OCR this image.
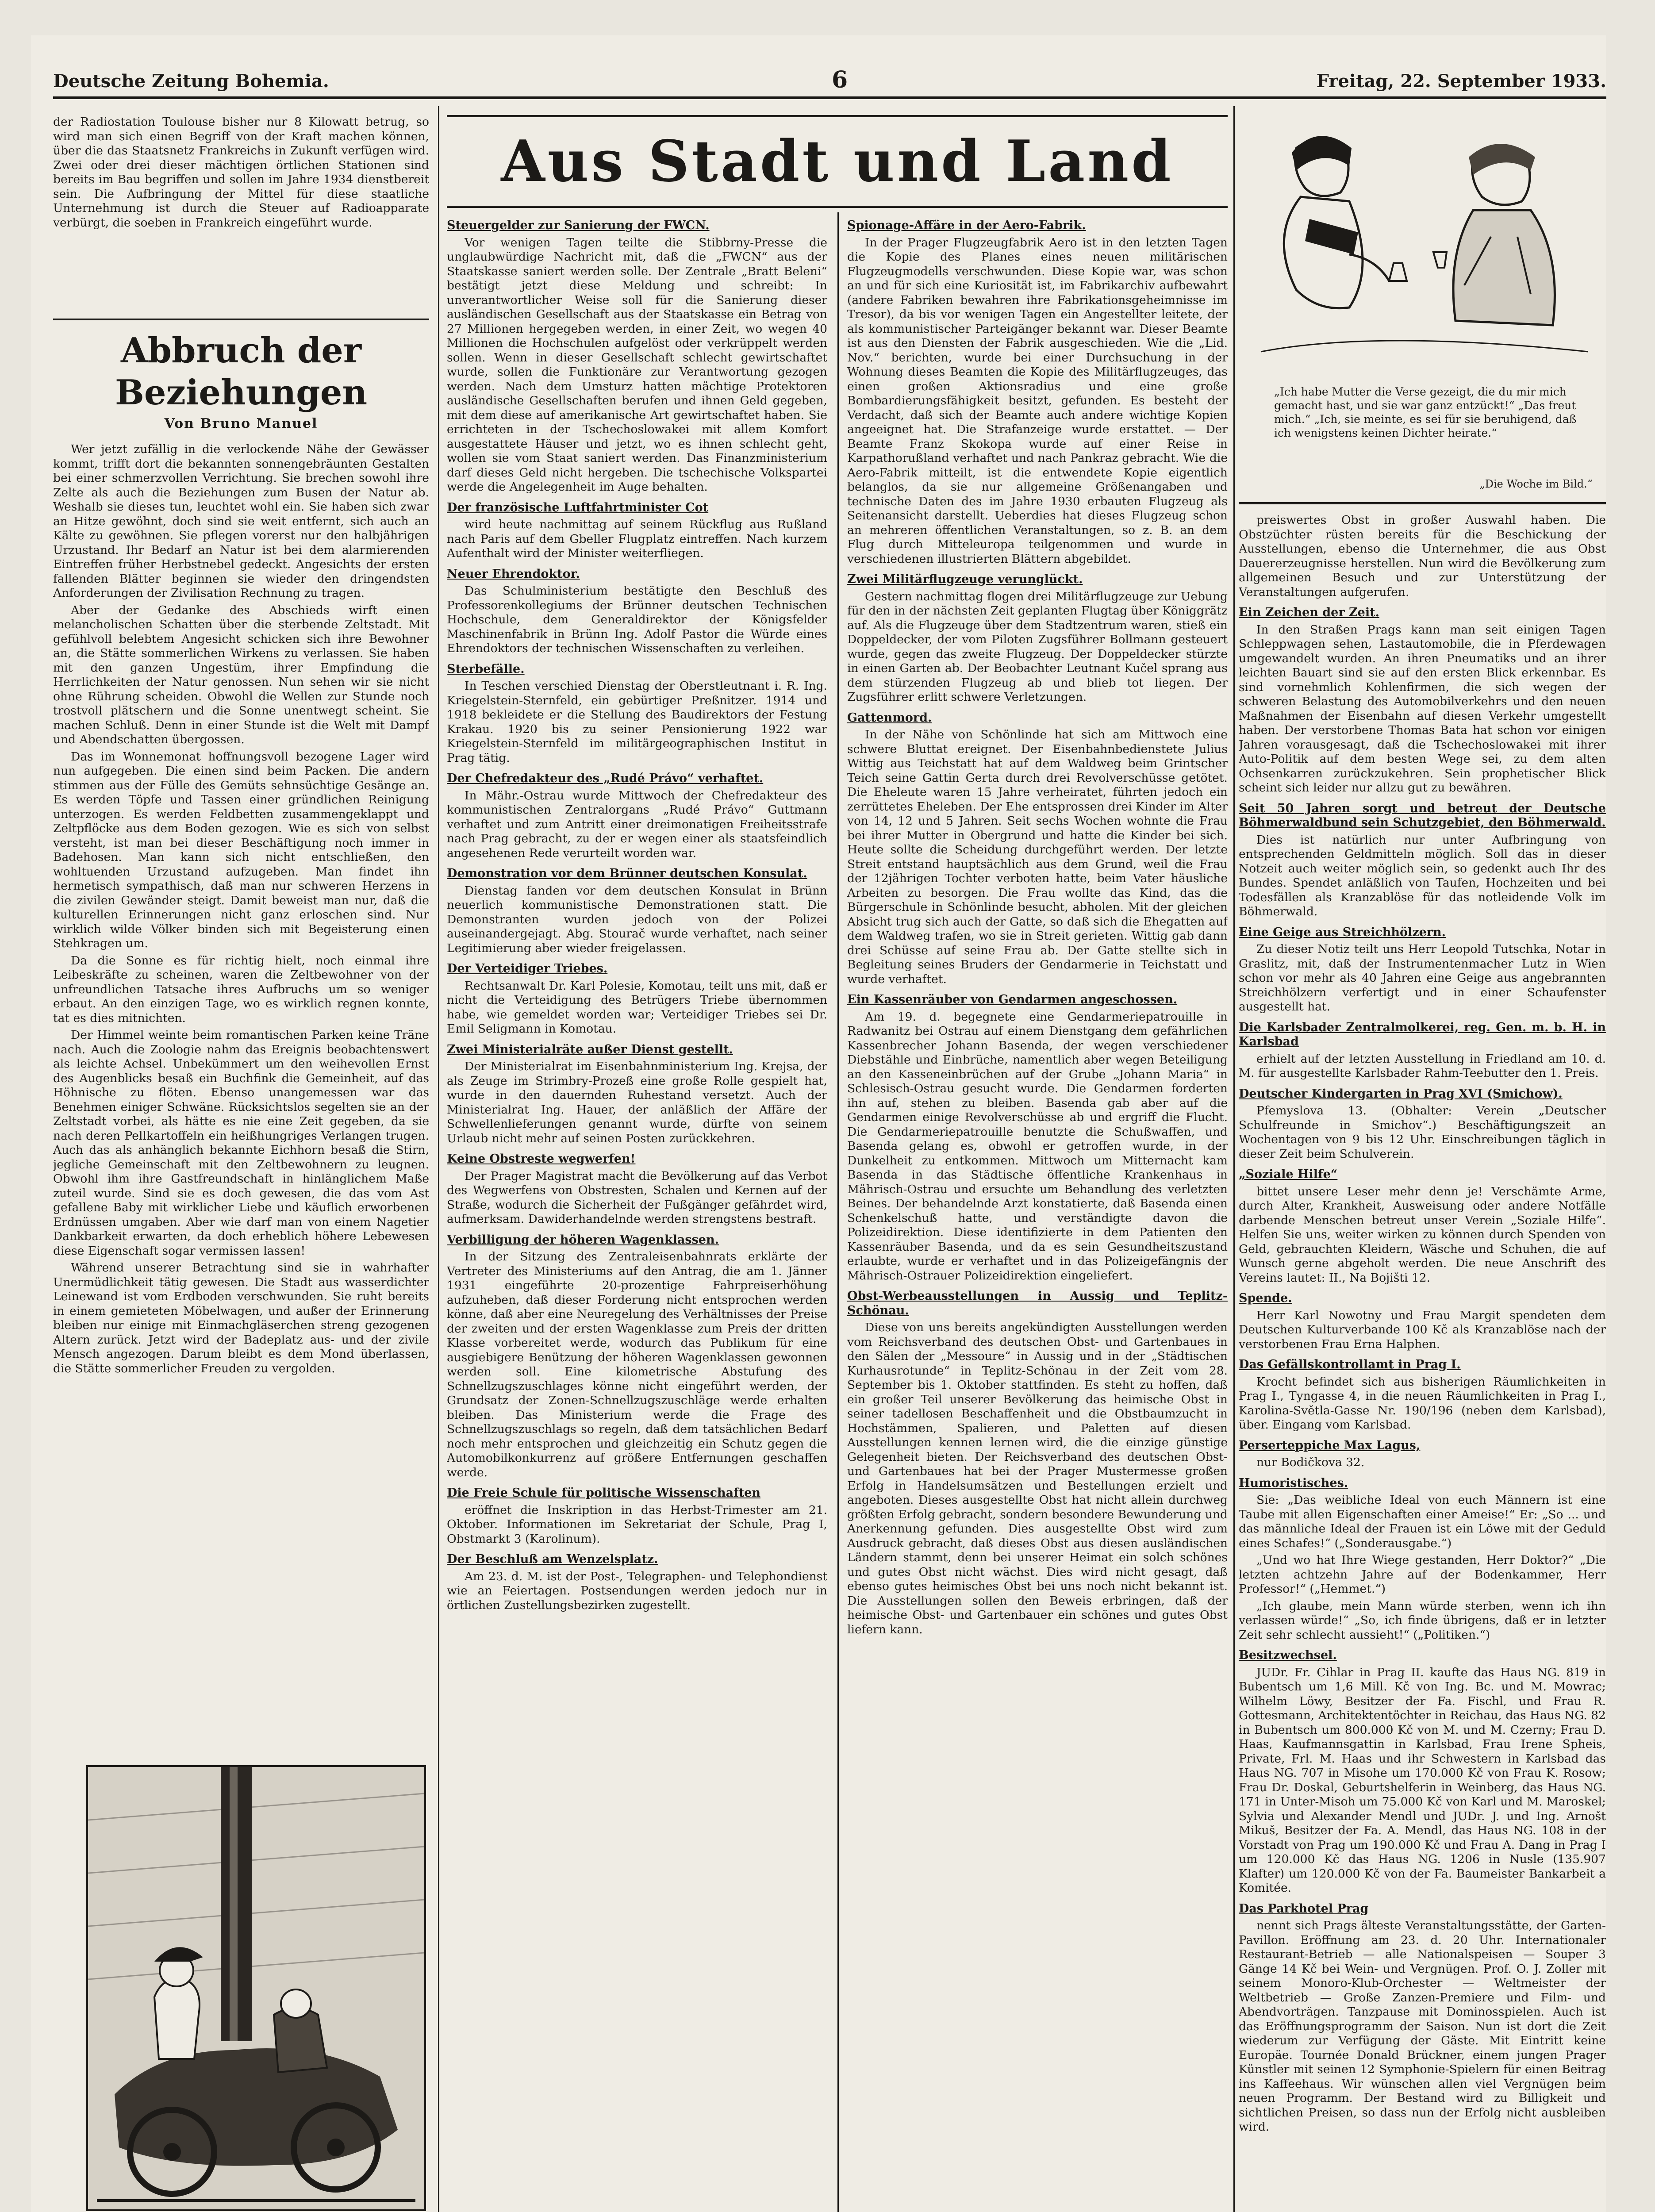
Deutsche Zeitung Bohemia.	6	Freitag, 22. September 1933.

der Radiostation Toulouse bisher nur 8 Kilowatt betrug, so wird man sich einen Begriff von der Kraft machen können, über die das Staatsnetz Frankreichs in Zukunft verfügen wird. Zwei oder drei dieser mächtigen örtlichen Stationen sind bereits im Bau begriffen und sollen im Jahre 1934 dienstbereit sein. Die Aufbringung der Mittel für diese staatliche Unternehmung ist durch die Steuer auf Radioapparate verbürgt, die soeben in Frankreich eingeführt wurde.

Abbruch der Beziehungen
Von Bruno Manuel

Wer jetzt zufällig in die verlockende Nähe der Gewässer kommt, trifft dort die bekannten sonnengebräunten Gestalten bei einer schmerzvollen Verrichtung. Sie brechen sowohl ihre Zelte als auch die Beziehungen zum Busen der Natur ab. Weshalb sie dieses tun, leuchtet wohl ein. Sie haben sich zwar an Hitze gewöhnt, doch sind sie weit entfernt, sich auch an Kälte zu gewöhnen. Sie pflegen vorerst nur den halbjährigen Urzustand. Ihr Bedarf an Natur ist bei dem alarmierenden Eintreffen früher Herbstnebel gedeckt. Angesichts der ersten fallenden Blätter beginnen sie wieder den dringendsten Anforderungen der Zivilisation Rechnung zu tragen.

Aber der Gedanke des Abschieds wirft einen melancholischen Schatten über die sterbende Zeltstadt. Mit gefühlvoll belebtem Angesicht schicken sich ihre Bewohner an, die Stätte sommerlichen Wirkens zu verlassen. Sie haben mit den ganzen Ungestüm, ihrer Empfindung die Herrlichkeiten der Natur genossen. Nun sehen wir sie nicht ohne Rührung scheiden. Obwohl die Wellen zur Stunde noch trostvoll plätschern und die Sonne unentwegt scheint. Sie machen Schluß. Denn in einer Stunde ist die Welt mit Dampf und Abendschatten übergossen.

Das im Wonnemonat hoffnungsvoll bezogene Lager wird nun aufgegeben. Die einen sind beim Packen. Die andern stimmen aus der Fülle des Gemüts sehnsüchtige Gesänge an. Es werden Töpfe und Tassen einer gründlichen Reinigung unterzogen. Es werden Feldbetten zusammengeklappt und Zeltpflöcke aus dem Boden gezogen. Wie es sich von selbst versteht, ist man bei dieser Beschäftigung noch immer in Badehosen. Man kann sich nicht entschließen, den wohltuenden Urzustand aufzugeben. Man findet ihn hermetisch sympathisch, daß man nur schweren Herzens in die zivilen Gewänder steigt. Damit beweist man nur, daß die kulturellen Erinnerungen nicht ganz erloschen sind. Nur wirklich wilde Völker binden sich mit Begeisterung einen Stehkragen um.

Da die Sonne es für richtig hielt, noch einmal ihre Leibeskräfte zu scheinen, waren die Zeltbewohner von der unfreundlichen Tatsache ihres Aufbruchs um so weniger erbaut. An den einzigen Tage, wo es wirklich regnen konnte, tat es dies mitnichten.

Der Himmel weinte beim romantischen Parken keine Träne nach. Auch die Zoologie nahm das Ereignis beobachtenswert als leichte Achsel. Unbekümmert um den weihevollen Ernst des Augenblicks besaß ein Buchfink die Gemeinheit, auf das Höhnische zu flöten. Ebenso unangemessen war das Benehmen einiger Schwäne. Rücksichtslos segelten sie an der Zeltstadt vorbei, als hätte es nie eine Zeit gegeben, da sie nach deren Pellkartoffeln ein heißhungriges Verlangen trugen. Auch das als anhänglich bekannte Eichhorn besaß die Stirn, jegliche Gemeinschaft mit den Zeltbewohnern zu leugnen. Obwohl ihm ihre Gastfreundschaft in hinlänglichem Maße zuteil wurde. Sind sie es doch gewesen, die das vom Ast gefallene Baby mit wirklicher Liebe und käuflich erworbenen Erdnüssen umgaben. Aber wie darf man von einem Nagetier Dankbarkeit erwarten, da doch erheblich höhere Lebewesen diese Eigenschaft sogar vermissen lassen!

Während unserer Betrachtung sind sie in wahrhafter Unermüdlichkeit tätig gewesen. Die Stadt aus wasserdichter Leinewand ist vom Erdboden verschwunden. Sie ruht bereits in einem gemieteten Möbelwagen, und außer der Erinnerung bleiben nur einige mit Einmachgläserchen streng gezogenen Altern zurück. Jetzt wird der Badeplatz aus- und der zivile Mensch angezogen. Darum bleibt es dem Mond überlassen, die Stätte sommerlicher Freuden zu vergolden.

Aus Stadt und Land

Steuergelder zur Sanierung der FWCN.

Vor wenigen Tagen teilte die Stibbrny-Presse die unglaubwürdige Nachricht mit, daß die „FWCN“ aus der Staatskasse saniert werden solle. Der Zentrale „Bratt Beleni“ bestätigt jetzt diese Meldung und schreibt: In unverantwortlicher Weise soll für die Sanierung dieser ausländischen Gesellschaft aus der Staatskasse ein Betrag von 27 Millionen hergegeben werden, in einer Zeit, wo wegen 40 Millionen die Hochschulen aufgelöst oder verkrüppelt werden sollen. Wenn in dieser Gesellschaft schlecht gewirtschaftet wurde, sollen die Funktionäre zur Verantwortung gezogen werden. Nach dem Umsturz hatten mächtige Protektoren ausländische Gesellschaften berufen und ihnen Geld gegeben, mit dem diese auf amerikanische Art gewirtschaftet haben. Sie errichteten in der Tschechoslowakei mit allem Komfort ausgestattete Häuser und jetzt, wo es ihnen schlecht geht, wollen sie vom Staat saniert werden. Das Finanzministerium darf dieses Geld nicht hergeben. Die tschechische Volkspartei werde die Angelegenheit im Auge behalten.

Der französische Luftfahrtminister Cot

wird heute nachmittag auf seinem Rückflug aus Rußland nach Paris auf dem Gbeller Flugplatz eintreffen. Nach kurzem Aufenthalt wird der Minister weiterfliegen.

Neuer Ehrendoktor.

Das Schulministerium bestätigte den Beschluß des Professorenkollegiums der Brünner deutschen Technischen Hochschule, dem Generaldirektor der Königsfelder Maschinenfabrik in Brünn Ing. Adolf Pastor die Würde eines Ehrendoktors der technischen Wissenschaften zu verleihen.

Sterbefälle.

In Teschen verschied Dienstag der Oberstleutnant i. R. Ing. Kriegelstein-Sternfeld, ein gebürtiger Preßnitzer. 1914 und 1918 bekleidete er die Stellung des Baudirektors der Festung Krakau. 1920 bis zu seiner Pensionierung 1922 war Kriegelstein-Sternfeld im militärgeographischen Institut in Prag tätig.

Der Chefredakteur des „Rudé Právo“ verhaftet.

In Mähr.-Ostrau wurde Mittwoch der Chefredakteur des kommunistischen Zentralorgans „Rudé Právo“ Guttmann verhaftet und zum Antritt einer dreimonatigen Freiheitsstrafe nach Prag gebracht, zu der er wegen einer als staatsfeindlich angesehenen Rede verurteilt worden war.

Demonstration vor dem Brünner deutschen Konsulat.

Dienstag fanden vor dem deutschen Konsulat in Brünn neuerlich kommunistische Demonstrationen statt. Die Demonstranten wurden jedoch von der Polizei auseinandergejagt. Abg. Stourač wurde verhaftet, nach seiner Legitimierung aber wieder freigelassen.

Der Verteidiger Triebes.

Rechtsanwalt Dr. Karl Polesie, Komotau, teilt uns mit, daß er nicht die Verteidigung des Betrügers Triebe übernommen habe, wie gemeldet worden war; Verteidiger Triebes sei Dr. Emil Seligmann in Komotau.

Zwei Ministerialräte außer Dienst gestellt.

Der Ministerialrat im Eisenbahnministerium Ing. Krejsa, der als Zeuge im Strimbry-Prozeß eine große Rolle gespielt hat, wurde in den dauernden Ruhestand versetzt. Auch der Ministerialrat Ing. Hauer, der anläßlich der Affäre der Schwellenlieferungen genannt wurde, dürfte von seinem Urlaub nicht mehr auf seinen Posten zurückkehren.

Keine Obstreste wegwerfen!

Der Prager Magistrat macht die Bevölkerung auf das Verbot des Wegwerfens von Obstresten, Schalen und Kernen auf der Straße, wodurch die Sicherheit der Fußgänger gefährdet wird, aufmerksam. Dawiderhandelnde werden strengstens bestraft.

Verbilligung der höheren Wagenklassen.

In der Sitzung des Zentraleisenbahnrats erklärte der Vertreter des Ministeriums auf den Antrag, die am 1. Jänner 1931 eingeführte 20-prozentige Fahrpreiserhöhung aufzuheben, daß dieser Forderung nicht entsprochen werden könne, daß aber eine Neuregelung des Verhältnisses der Preise der zweiten und der ersten Wagenklasse zum Preis der dritten Klasse vorbereitet werde, wodurch das Publikum für eine ausgiebigere Benützung der höheren Wagenklassen gewonnen werden soll. Eine kilometrische Abstufung des Schnellzugszuschlages könne nicht eingeführt werden, der Grundsatz der Zonen-Schnellzugszuschläge werde erhalten bleiben. Das Ministerium werde die Frage des Schnellzugszuschlags so regeln, daß dem tatsächlichen Bedarf noch mehr entsprochen und gleichzeitig ein Schutz gegen die Automobilkonkurrenz auf größere Entfernungen geschaffen werde.

Die Freie Schule für politische Wissenschaften

eröffnet die Inskription in das Herbst-Trimester am 21. Oktober. Informationen im Sekretariat der Schule, Prag I, Obstmarkt 3 (Karolinum).

Der Beschluß am Wenzelsplatz.

Am 23. d. M. ist der Post-, Telegraphen- und Telephondienst wie an Feiertagen. Postsendungen werden jedoch nur in örtlichen Zustellungsbezirken zugestellt.

Spionage-Affäre in der Aero-Fabrik.

In der Prager Flugzeugfabrik Aero ist in den letzten Tagen die Kopie des Planes eines neuen militärischen Flugzeugmodells verschwunden. Diese Kopie war, was schon an und für sich eine Kuriosität ist, im Fabrikarchiv aufbewahrt (andere Fabriken bewahren ihre Fabrikationsgeheimnisse im Tresor), da bis vor wenigen Tagen ein Angestellter leitete, der als kommunistischer Parteigänger bekannt war. Dieser Beamte ist aus den Diensten der Fabrik ausgeschieden. Wie die „Lid. Nov.“ berichten, wurde bei einer Durchsuchung in der Wohnung dieses Beamten die Kopie des Militärflugzeuges, das einen großen Aktionsradius und eine große Bombardierungsfähigkeit besitzt, gefunden. Es besteht der Verdacht, daß sich der Beamte auch andere wichtige Kopien angeeignet hat. Die Strafanzeige wurde erstattet. — Der Beamte Franz Skokopa wurde auf einer Reise in Karpathorußland verhaftet und nach Pankraz gebracht. Wie die Aero-Fabrik mitteilt, ist die entwendete Kopie eigentlich belanglos, da sie nur allgemeine Größenangaben und technische Daten des im Jahre 1930 erbauten Flugzeug als Seitenansicht darstellt. Ueberdies hat dieses Flugzeug schon an mehreren öffentlichen Veranstaltungen, so z. B. an dem Flug durch Mitteleuropa teilgenommen und wurde in verschiedenen illustrierten Blättern abgebildet.

Zwei Militärflugzeuge verunglückt.

Gestern nachmittag flogen drei Militärflugzeuge zur Uebung für den in der nächsten Zeit geplanten Flugtag über Königgrätz auf. Als die Flugzeuge über dem Stadtzentrum waren, stieß ein Doppeldecker, der vom Piloten Zugsführer Bollmann gesteuert wurde, gegen das zweite Flugzeug. Der Doppeldecker stürzte in einen Garten ab. Der Beobachter Leutnant Kučel sprang aus dem stürzenden Flugzeug ab und blieb tot liegen. Der Zugsführer erlitt schwere Verletzungen.

Gattenmord.

In der Nähe von Schönlinde hat sich am Mittwoch eine schwere Bluttat ereignet. Der Eisenbahnbedienstete Julius Wittig aus Teichstatt hat auf dem Waldweg beim Grintscher Teich seine Gattin Gerta durch drei Revolverschüsse getötet. Die Eheleute waren 15 Jahre verheiratet, führten jedoch ein zerrüttetes Eheleben. Der Ehe entsprossen drei Kinder im Alter von 14, 12 und 5 Jahren. Seit sechs Wochen wohnte die Frau bei ihrer Mutter in Obergrund und hatte die Kinder bei sich. Heute sollte die Scheidung durchgeführt werden. Der letzte Streit entstand hauptsächlich aus dem Grund, weil die Frau der 12jährigen Tochter verboten hatte, beim Vater häusliche Arbeiten zu besorgen. Die Frau wollte das Kind, das die Bürgerschule in Schönlinde besucht, abholen. Mit der gleichen Absicht trug sich auch der Gatte, so daß sich die Ehegatten auf dem Waldweg trafen, wo sie in Streit gerieten. Wittig gab dann drei Schüsse auf seine Frau ab. Der Gatte stellte sich in Begleitung seines Bruders der Gendarmerie in Teichstatt und wurde verhaftet.

Ein Kassenräuber von Gendarmen angeschossen.

Am 19. d. begegnete eine Gendarmeriepatrouille in Radwanitz bei Ostrau auf einem Dienstgang dem gefährlichen Kassenbrecher Johann Basenda, der wegen verschiedener Diebstähle und Einbrüche, namentlich aber wegen Beteiligung an den Kasseneinbrüchen auf der Grube „Johann Maria“ in Schlesisch-Ostrau gesucht wurde. Die Gendarmen forderten ihn auf, stehen zu bleiben. Basenda gab aber auf die Gendarmen einige Revolverschüsse ab und ergriff die Flucht. Die Gendarmeriepatrouille benutzte die Schußwaffen, und Basenda gelang es, obwohl er getroffen wurde, in der Dunkelheit zu entkommen. Mittwoch um Mitternacht kam Basenda in das Städtische öffentliche Krankenhaus in Mährisch-Ostrau und ersuchte um Behandlung des verletzten Beines. Der behandelnde Arzt konstatierte, daß Basenda einen Schenkelschuß hatte, und verständigte davon die Polizeidirektion. Diese identifizierte in dem Patienten den Kassenräuber Basenda, und da es sein Gesundheitszustand erlaubte, wurde er verhaftet und in das Polizeigefängnis der Mährisch-Ostrauer Polizeidirektion eingeliefert.

Obst-Werbeausstellungen in Aussig und Teplitz-Schönau.

Diese von uns bereits angekündigten Ausstellungen werden vom Reichsverband des deutschen Obst- und Gartenbaues in den Sälen der „Messoure“ in Aussig und in der „Städtischen Kurhausrotunde“ in Teplitz-Schönau in der Zeit vom 28. September bis 1. Oktober stattfinden. Es steht zu hoffen, daß ein großer Teil unserer Bevölkerung das heimische Obst in seiner tadellosen Beschaffenheit und die Obstbaumzucht in Hochstämmen, Spalieren, und Paletten auf diesen Ausstellungen kennen lernen wird, die die einzige günstige Gelegenheit bieten. Der Reichsverband des deutschen Obst- und Gartenbaues hat bei der Prager Mustermesse großen Erfolg in Handelsumsätzen und Bestellungen erzielt und angeboten. Dieses ausgestellte Obst hat nicht allein durchweg größten Erfolg gebracht, sondern besondere Bewunderung und Anerkennung gefunden. Dies ausgestellte Obst wird zum Ausdruck gebracht, daß dieses Obst aus diesen ausländischen Ländern stammt, denn bei unserer Heimat ein solch schönes und gutes Obst nicht wächst. Dies wird nicht gesagt, daß ebenso gutes heimisches Obst bei uns noch nicht bekannt ist. Die Ausstellungen sollen den Beweis erbringen, daß der heimische Obst- und Gartenbauer ein schönes und gutes Obst liefern kann.

„Ich habe Mutter die Verse gezeigt, die du mir mich gemacht hast, und sie war ganz entzückt!“ „Das freut mich.“ „Ich, sie meinte, es sei für sie beruhigend, daß ich wenigstens keinen Dichter heirate.“
„Die Woche im Bild.“

preiswertes Obst in großer Auswahl haben. Die Obstzüchter rüsten bereits für die Beschickung der Ausstellungen, ebenso die Unternehmer, die aus Obst Dauererzeugnisse herstellen. Nun wird die Bevölkerung zum allgemeinen Besuch und zur Unterstützung der Veranstaltungen aufgerufen.

Ein Zeichen der Zeit.

In den Straßen Prags kann man seit einigen Tagen Schleppwagen sehen, Lastautomobile, die in Pferdewagen umgewandelt wurden. An ihren Pneumatiks und an ihrer leichten Bauart sind sie auf den ersten Blick erkennbar. Es sind vornehmlich Kohlenfirmen, die sich wegen der schweren Belastung des Automobilverkehrs und den neuen Maßnahmen der Eisenbahn auf diesen Verkehr umgestellt haben. Der verstorbene Thomas Bata hat schon vor einigen Jahren vorausgesagt, daß die Tschechoslowakei mit ihrer Auto-Politik auf dem besten Wege sei, zu dem alten Ochsenkarren zurückzukehren. Sein prophetischer Blick scheint sich leider nur allzu gut zu bewähren.

Seit 50 Jahren sorgt und betreut der Deutsche Böhmerwaldbund sein Schutzgebiet, den Böhmerwald.

Dies ist natürlich nur unter Aufbringung von entsprechenden Geldmitteln möglich. Soll das in dieser Notzeit auch weiter möglich sein, so gedenkt auch Ihr des Bundes. Spendet anläßlich von Taufen, Hochzeiten und bei Todesfällen als Kranzablöse für das notleidende Volk im Böhmerwald.

Eine Geige aus Streichhölzern.

Zu dieser Notiz teilt uns Herr Leopold Tutschka, Notar in Graslitz, mit, daß der Instrumentenmacher Lutz in Wien schon vor mehr als 40 Jahren eine Geige aus angebrannten Streichhölzern verfertigt und in einer Schaufenster ausgestellt hat.

Die Karlsbader Zentralmolkerei, reg. Gen. m. b. H. in Karlsbad

erhielt auf der letzten Ausstellung in Friedland am 10. d. M. für ausgestellte Karlsbader Rahm-Teebutter den 1. Preis.

Deutscher Kindergarten in Prag XVI (Smichow).

Pfemyslova 13. (Obhalter: Verein „Deutscher Schulfreunde in Smichov“.) Beschäftigungszeit an Wochentagen von 9 bis 12 Uhr. Einschreibungen täglich in dieser Zeit beim Schulverein.

„Soziale Hilfe“

bittet unsere Leser mehr denn je! Verschämte Arme, durch Alter, Krankheit, Ausweisung oder andere Notfälle darbende Menschen betreut unser Verein „Soziale Hilfe“. Helfen Sie uns, weiter wirken zu können durch Spenden von Geld, gebrauchten Kleidern, Wäsche und Schuhen, die auf Wunsch gerne abgeholt werden. Die neue Anschrift des Vereins lautet: II., Na Bojišti 12.

Spende.

Herr Karl Nowotny und Frau Margit spendeten dem Deutschen Kulturverbande 100 Kč als Kranzablöse nach der verstorbenen Frau Erna Halphen.

Das Gefällskontrollamt in Prag I.

Krocht befindet sich aus bisherigen Räumlichkeiten in Prag I., Tyngasse 4, in die neuen Räumlichkeiten in Prag I., Karolina-Světla-Gasse Nr. 190/196 (neben dem Karlsbad), über. Eingang vom Karlsbad.

Perserteppiche Max Lagus,

nur Bodičkova 32.

Humoristisches.

Sie: „Das weibliche Ideal von euch Männern ist eine Taube mit allen Eigenschaften einer Ameise!“ Er: „So ... und das männliche Ideal der Frauen ist ein Löwe mit der Geduld eines Schafes!“ („Sonderausgabe.“)

„Und wo hat Ihre Wiege gestanden, Herr Doktor?“ „Die letzten achtzehn Jahre auf der Bodenkammer, Herr Professor!“ („Hemmet.“)

„Ich glaube, mein Mann würde sterben, wenn ich ihn verlassen würde!“ „So, ich finde übrigens, daß er in letzter Zeit sehr schlecht aussieht!“ („Politiken.“)

Besitzwechsel.

JUDr. Fr. Cihlar in Prag II. kaufte das Haus NG. 819 in Bubentsch um 1,6 Mill. Kč von Ing. Bc. und M. Mowrac; Wilhelm Löwy, Besitzer der Fa. Fischl, und Frau R. Gottesmann, Architektentöchter in Reichau, das Haus NG. 82 in Bubentsch um 800.000 Kč von M. und M. Czerny; Frau D. Haas, Kaufmannsgattin in Karlsbad, Frau Irene Spheis, Private, Frl. M. Haas und ihr Schwestern in Karlsbad das Haus NG. 707 in Misohe um 170.000 Kč von Frau K. Rosow; Frau Dr. Doskal, Geburtshelferin in Weinberg, das Haus NG. 171 in Unter-Misoh um 75.000 Kč von Karl und M. Maroskel; Sylvia und Alexander Mendl und JUDr. J. und Ing. Arnošt Mikuš, Besitzer der Fa. A. Mendl, das Haus NG. 108 in der Vorstadt von Prag um 190.000 Kč und Frau A. Dang in Prag I um 120.000 Kč das Haus NG. 1206 in Nusle (135.907 Klafter) um 120.000 Kč von der Fa. Baumeister Bankarbeit a Komitée.

Das Parkhotel Prag

nennt sich Prags älteste Veranstaltungsstätte, der Garten-Pavillon. Eröffnung am 23. d. 20 Uhr. Internationaler Restaurant-Betrieb — alle Nationalspeisen — Souper 3 Gänge 14 Kč bei Wein- und Vergnügen. Prof. O. J. Zoller mit seinem Monoro-Klub-Orchester — Weltmeister der Weltbetrieb — Große Zanzen-Premiere und Film- und Abendvorträgen. Tanzpause mit Dominosspielen. Auch ist das Eröffnungsprogramm der Saison. Nun ist dort die Zeit wiederum zur Verfügung der Gäste. Mit Eintritt keine Europäe. Tournée Donald Brückner, einem jungen Prager Künstler mit seinen 12 Symphonie-Spielern für einen Beitrag ins Kaffeehaus. Wir wünschen allen viel Vergnügen beim neuen Programm. Der Bestand wird zu Billigkeit und sichtlichen Preisen, so dass nun der Erfolg nicht ausbleiben wird.
